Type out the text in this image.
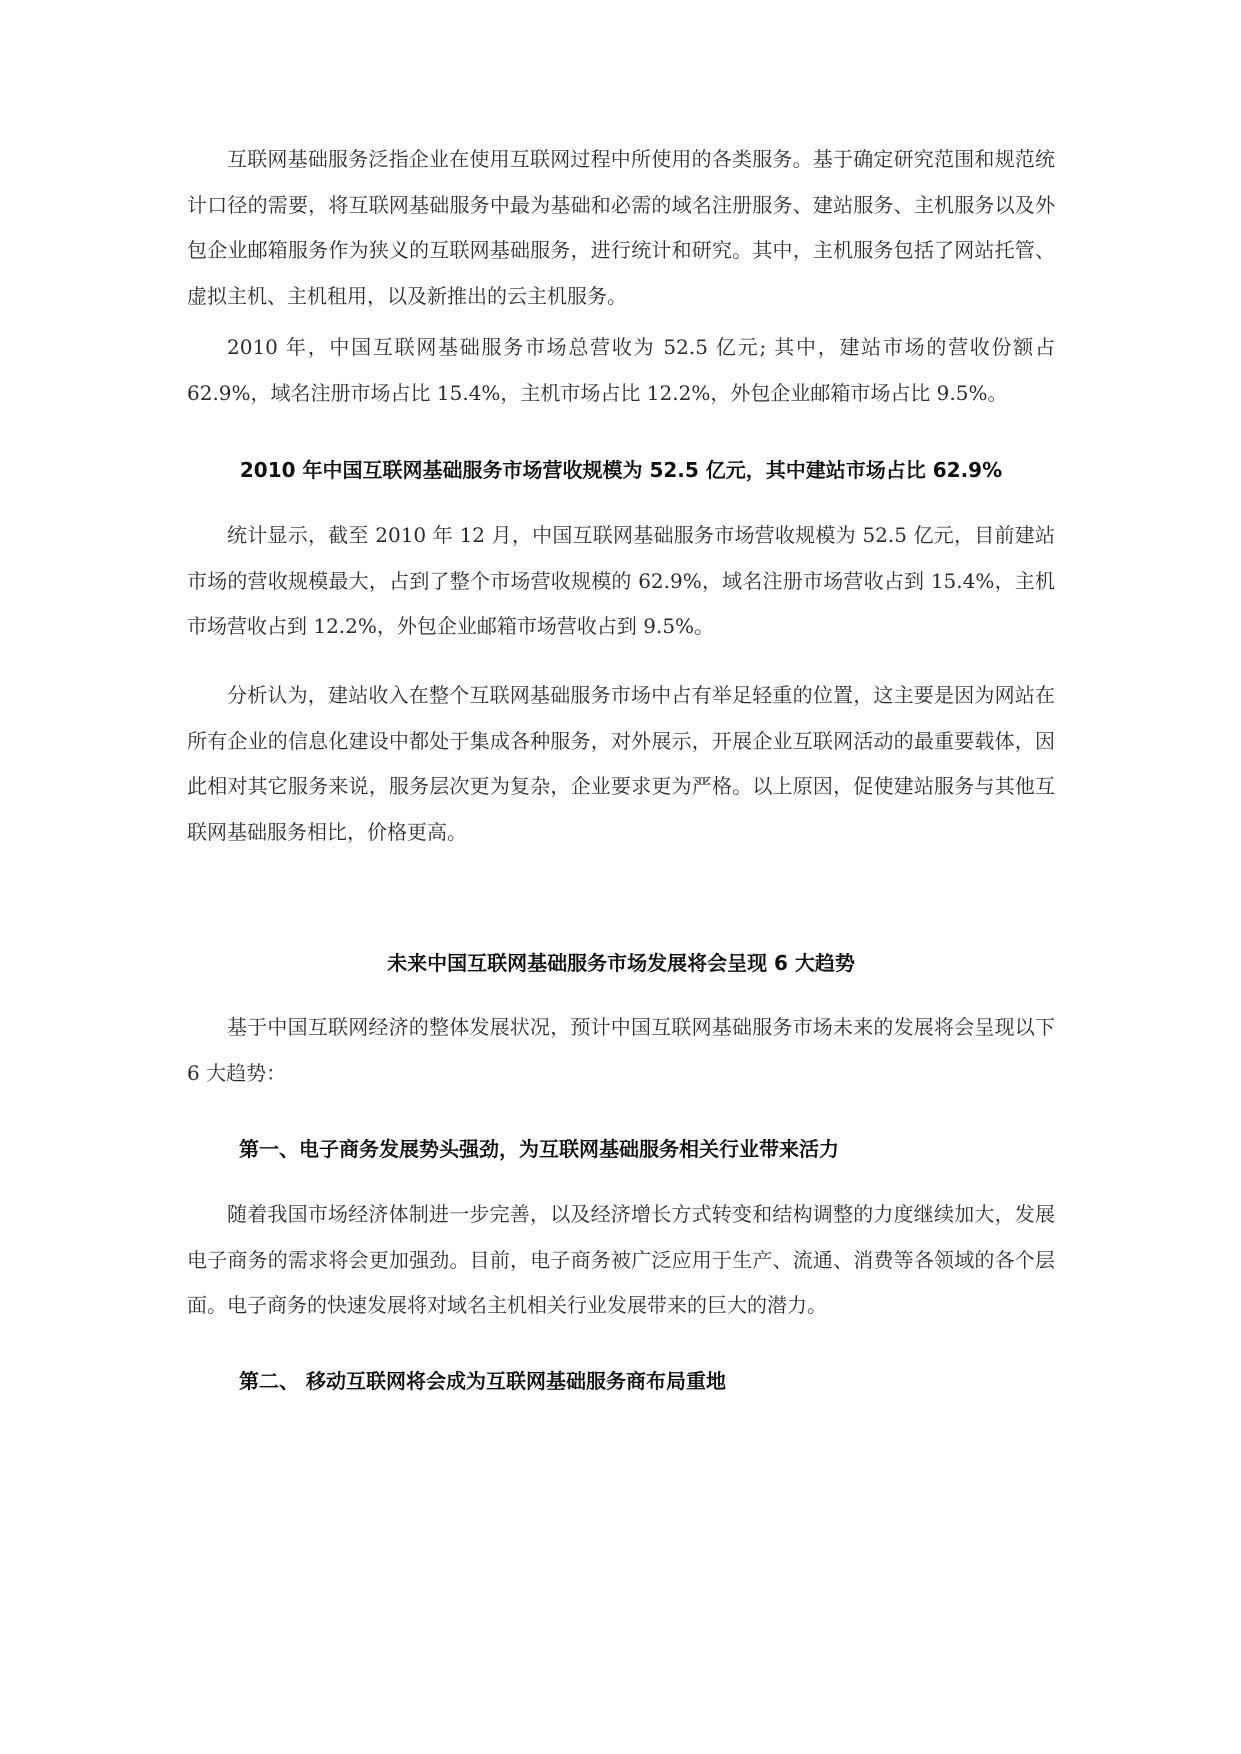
互联网基础服务泛指企业在使用互联网过程中所使用的各类服务。基于确定研究范围和规范统计口径的需要，将互联网基础服务中最为基础和必需的域名注册服务、建站服务、主机服务以及外包企业邮箱服务作为狭义的互联网基础服务，进行统计和研究。其中，主机服务包括了网站托管、虚拟主机、主机租用，以及新推出的云主机服务。

2010 年，中国互联网基础服务市场总营收为 52.5 亿元; 其中，建站市场的营收份额占 62.9%，域名注册市场占比 15.4%，主机市场占比 12.2%，外包企业邮箱市场占比 9.5%。

2010 年中国互联网基础服务市场营收规模为 52.5 亿元，其中建站市场占比 62.9%

统计显示，截至 2010 年 12 月，中国互联网基础服务市场营收规模为 52.5 亿元，目前建站市场的营收规模最大，占到了整个市场营收规模的 62.9%，域名注册市场营收占到 15.4%，主机市场营收占到 12.2%，外包企业邮箱市场营收占到 9.5%。

分析认为，建站收入在整个互联网基础服务市场中占有举足轻重的位置，这主要是因为网站在所有企业的信息化建设中都处于集成各种服务，对外展示，开展企业互联网活动的最重要载体，因此相对其它服务来说，服务层次更为复杂，企业要求更为严格。以上原因，促使建站服务与其他互联网基础服务相比，价格更高。

未来中国互联网基础服务市场发展将会呈现 6 大趋势

基于中国互联网经济的整体发展状况，预计中国互联网基础服务市场未来的发展将会呈现以下 6 大趋势：

第一、电子商务发展势头强劲，为互联网基础服务相关行业带来活力

随着我国市场经济体制进一步完善，以及经济增长方式转变和结构调整的力度继续加大，发展电子商务的需求将会更加强劲。目前，电子商务被广泛应用于生产、流通、消费等各领域的各个层面。电子商务的快速发展将对域名主机相关行业发展带来的巨大的潜力。

第二、 移动互联网将会成为互联网基础服务商布局重地
